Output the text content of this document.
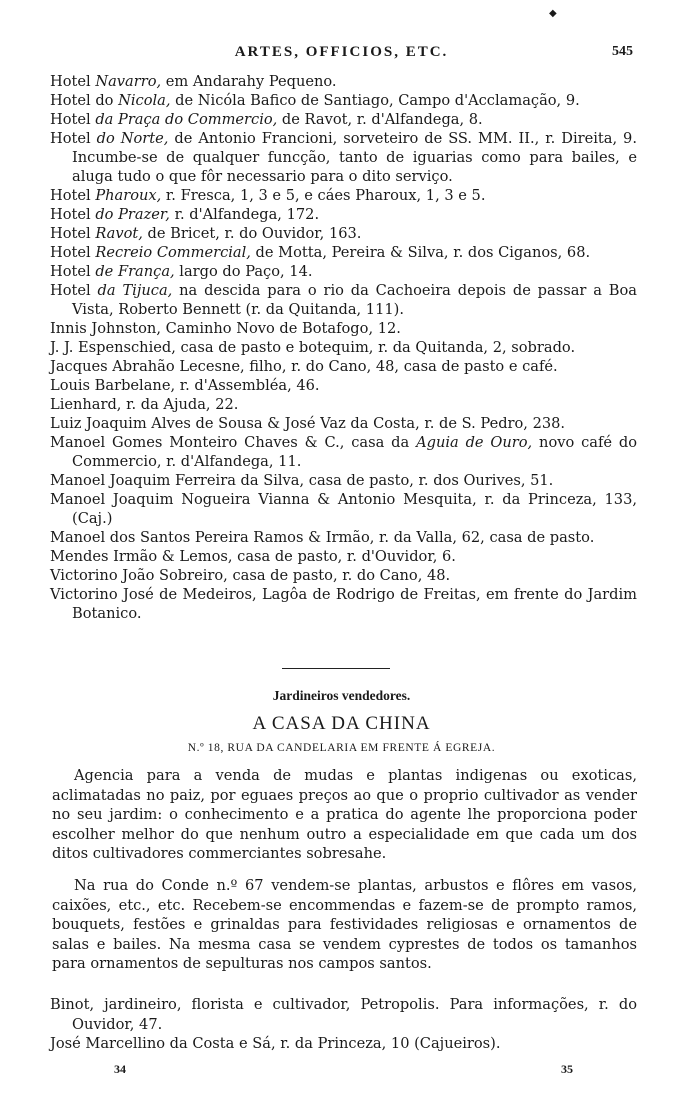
◆
ARTES, OFFICIOS, ETC.	545
Hotel Navarro, em Andarahy Pequeno.
Hotel do Nicola, de Nicóla Bafico de Santiago, Campo d'Acclamação, 9.
Hotel da Praça do Commercio, de Ravot, r. d'Alfandega, 8.
Hotel do Norte, de Antonio Francioni, sorveteiro de SS. MM. II., r. Direita, 9. Incumbe-se de qualquer funcção, tanto de iguarias como para bailes, e aluga tudo o que fôr necessario para o dito serviço.
Hotel Pharoux, r. Fresca, 1, 3 e 5, e cáes Pharoux, 1, 3 e 5.
Hotel do Prazer, r. d'Alfandega, 172.
Hotel Ravot, de Bricet, r. do Ouvidor, 163.
Hotel Recreio Commercial, de Motta, Pereira & Silva, r. dos Ciganos, 68.
Hotel de França, largo do Paço, 14.
Hotel da Tijuca, na descida para o rio da Cachoeira depois de passar a Boa Vista, Roberto Bennett (r. da Quitanda, 111).
Innis Johnston, Caminho Novo de Botafogo, 12.
J. J. Espenschied, casa de pasto e botequim, r. da Quitanda, 2, sobrado.
Jacques Abrahão Lecesne, filho, r. do Cano, 48, casa de pasto e café.
Louis Barbelane, r. d'Assembléa, 46.
Lienhard, r. da Ajuda, 22.
Luiz Joaquim Alves de Sousa & José Vaz da Costa, r. de S. Pedro, 238.
Manoel Gomes Monteiro Chaves & C., casa da Aguia de Ouro, novo café do Commercio, r. d'Alfandega, 11.
Manoel Joaquim Ferreira da Silva, casa de pasto, r. dos Ourives, 51.
Manoel Joaquim Nogueira Vianna & Antonio Mesquita, r. da Princeza, 133, (Caj.)
Manoel dos Santos Pereira Ramos & Irmão, r. da Valla, 62, casa de pasto.
Mendes Irmão & Lemos, casa de pasto, r. d'Ouvidor, 6.
Victorino João Sobreiro, casa de pasto, r. do Cano, 48.
Victorino José de Medeiros, Lagôa de Rodrigo de Freitas, em frente do Jardim Botanico.
Jardineiros vendedores.
A CASA DA CHINA
N.º 18, RUA DA CANDELARIA EM FRENTE Á EGREJA.
Agencia para a venda de mudas e plantas indigenas ou exoticas, aclimatadas no paiz, por eguaes preços ao que o proprio cultivador as vender no seu jardim: o conhecimento e a pratica do agente lhe proporciona poder escolher melhor do que nenhum outro a especialidade em que cada um dos ditos cultivadores commerciantes sobresahe.
Na rua do Conde n.º 67 vendem-se plantas, arbustos e flôres em vasos, caixões, etc., etc. Recebem-se encommendas e fazem-se de prompto ramos, bouquets, festões e grinaldas para festividades religiosas e ornamentos de salas e bailes. Na mesma casa se vendem cyprestes de todos os tamanhos para ornamentos de sepulturas nos campos santos.
Binot, jardineiro, florista e cultivador, Petropolis. Para informações, r. do Ouvidor, 47.
José Marcellino da Costa e Sá, r. da Princeza, 10 (Cajueiros).
34	35
